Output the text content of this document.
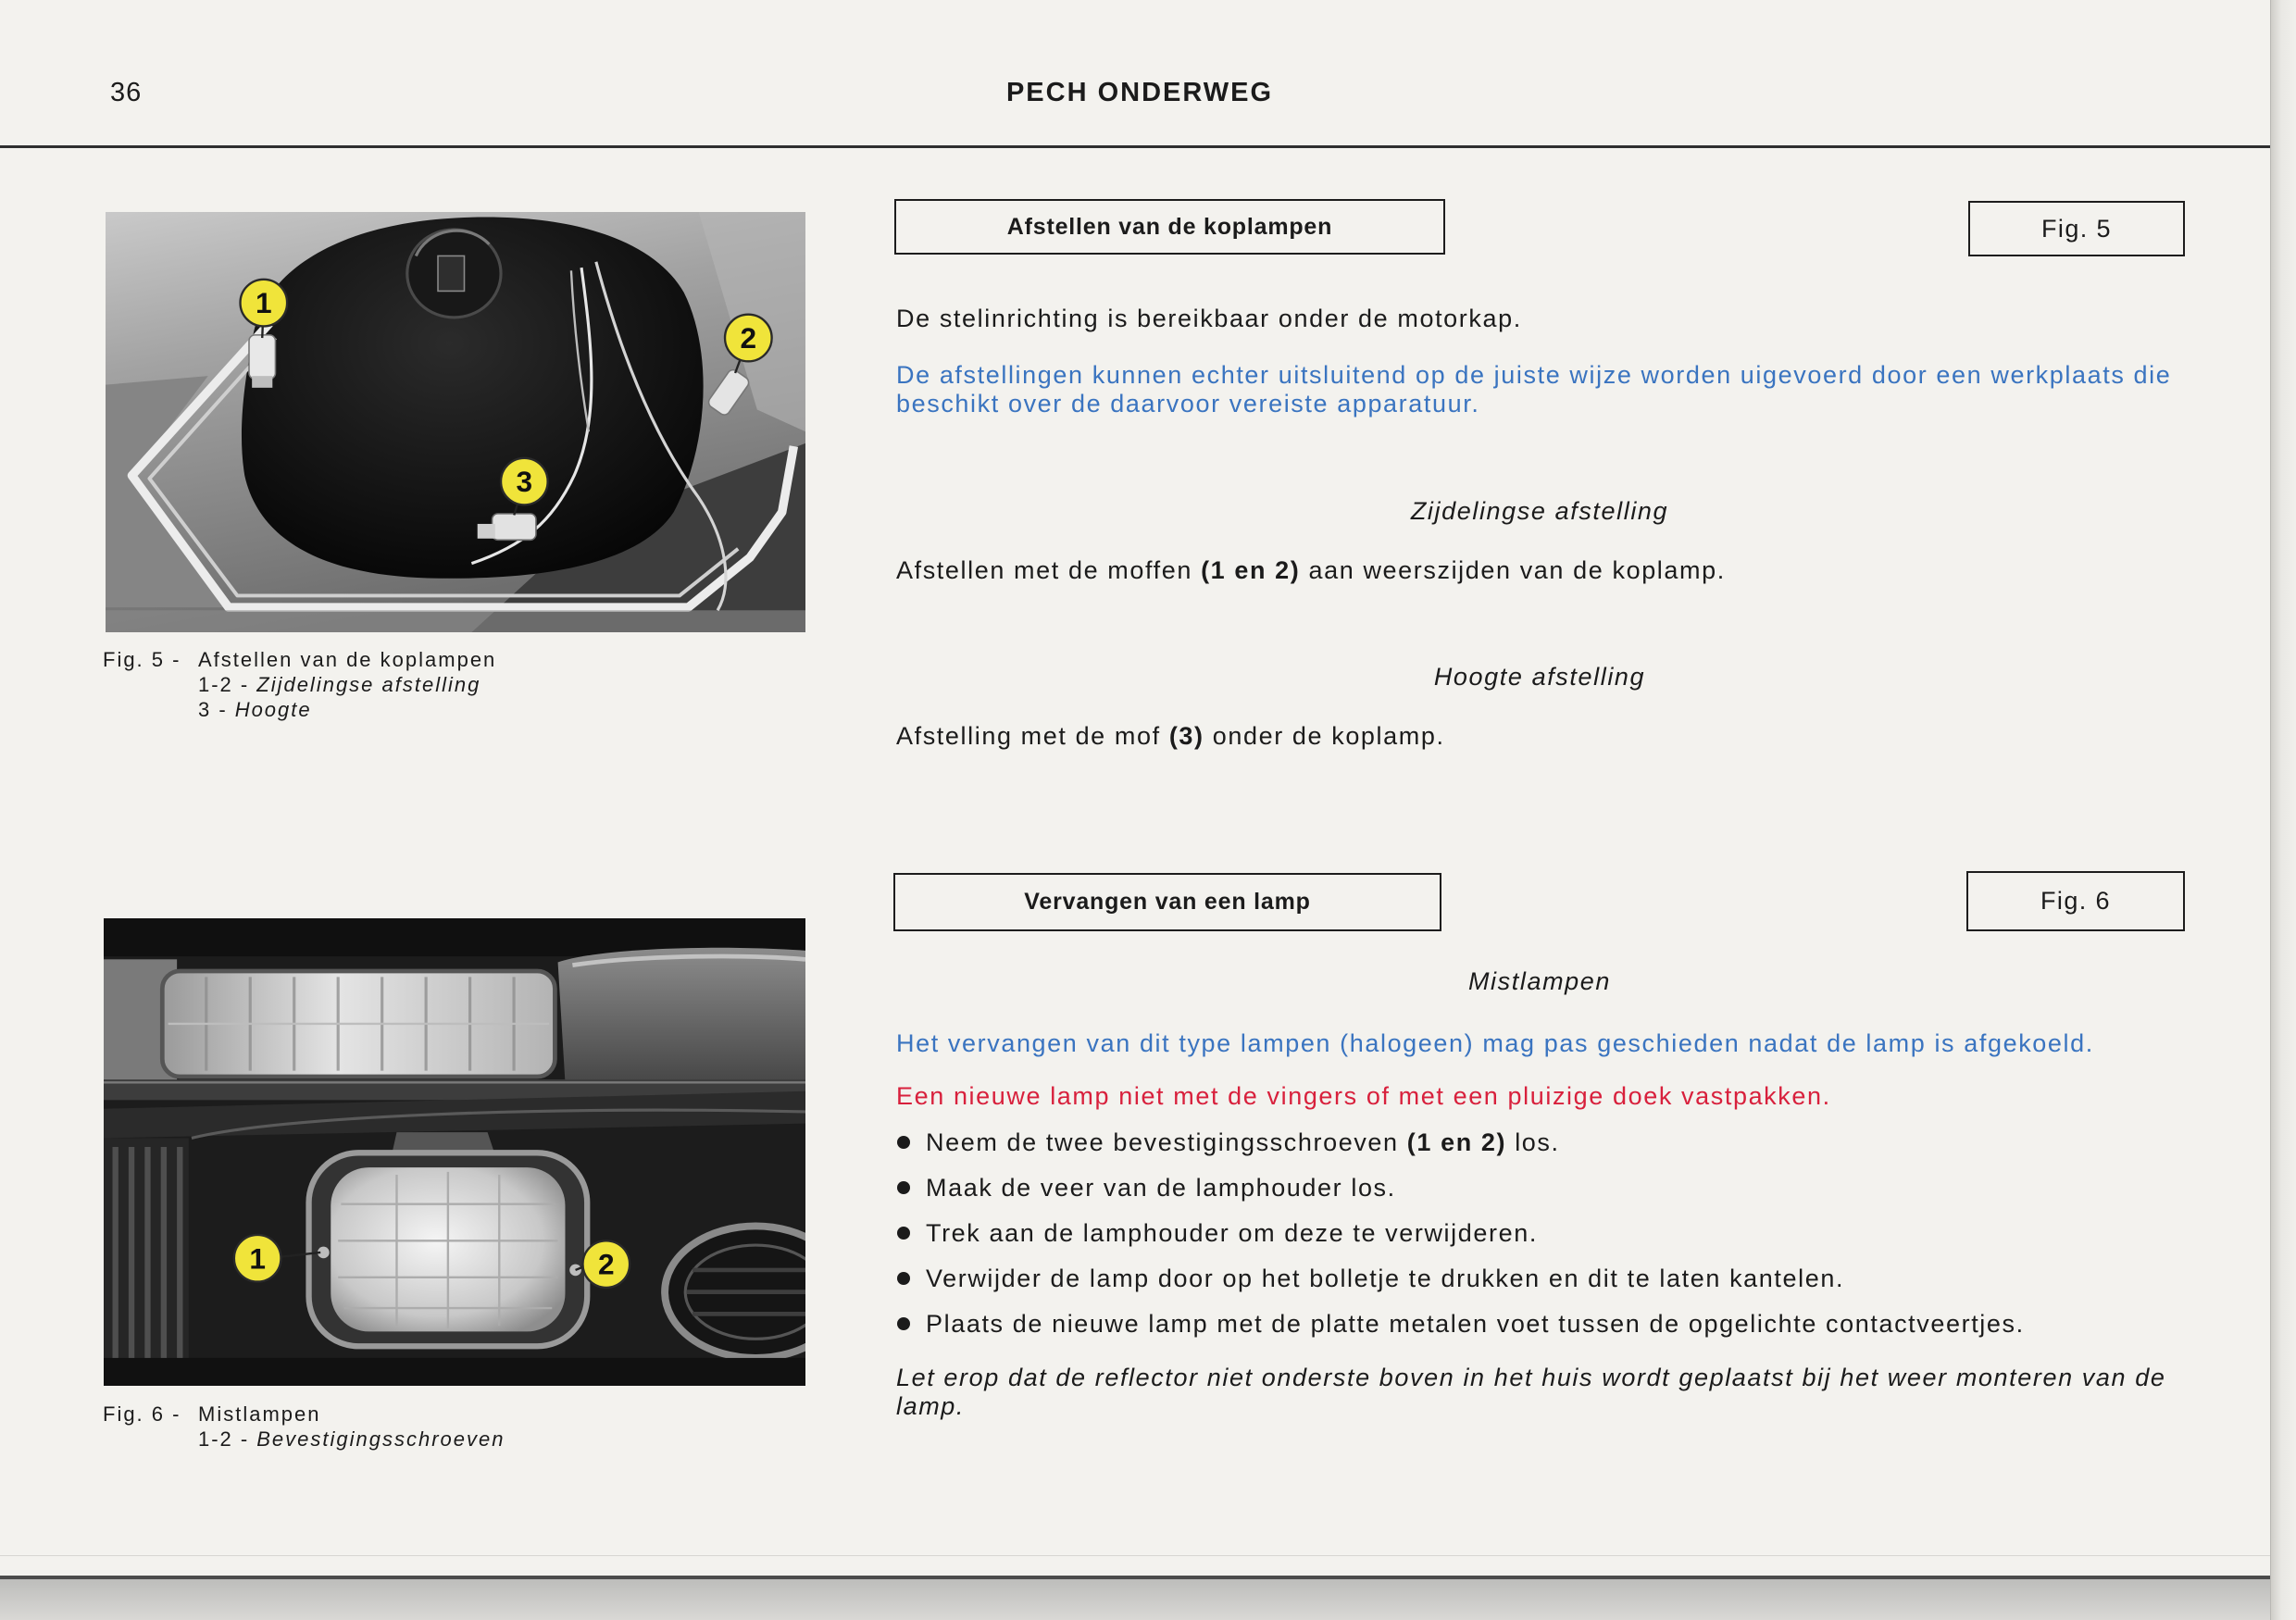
36	PECH ONDERWEG
1
2
3
Fig. 5 - Afstellen van de koplampen
1-2 - Zijdelingse afstelling
3 - Hoogte
Afstellen van de koplampen	Fig. 5
De stelinrichting is bereikbaar onder de motorkap.
De afstellingen kunnen echter uitsluitend op de juiste wijze worden uigevoerd door een werkplaats die
beschikt over de daarvoor vereiste apparatuur.
Zijdelingse afstelling
Afstellen met de moffen (1 en 2) aan weerszijden van de koplamp.
Hoogte afstelling
Afstelling met de mof (3) onder de koplamp.
1	2
Fig. 6 - Mistlampen
1-2 - Bevestigingsschroeven
Vervangen van een lamp	Fig. 6
Mistlampen
Het vervangen van dit type lampen (halogeen) mag pas geschieden nadat de lamp is afgekoeld.
Een nieuwe lamp niet met de vingers of met een pluizige doek vastpakken.
Neem de twee bevestigingsschroeven (1 en 2) los.
Maak de veer van de lamphouder los.
Trek aan de lamphouder om deze te verwijderen.
Verwijder de lamp door op het bolletje te drukken en dit te laten kantelen.
Plaats de nieuwe lamp met de platte metalen voet tussen de opgelichte contactveertjes.
Let erop dat de reflector niet onderste boven in het huis wordt geplaatst bij het weer monteren van de
lamp.
